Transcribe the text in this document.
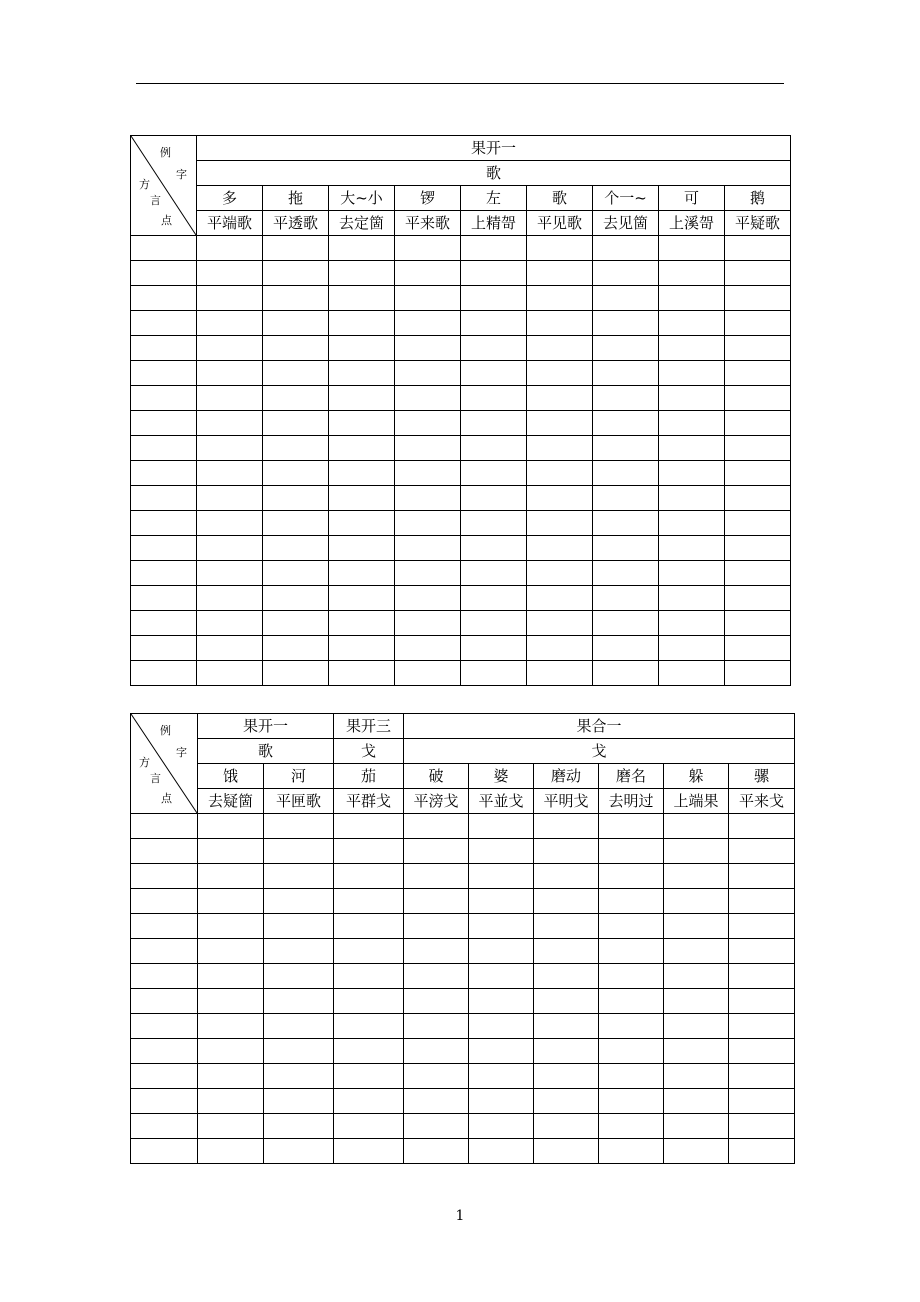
例
字
方
言
点	果开一								
	歌								
	多	拖	大~小	锣	左	歌	个一~	可	鹅
	平端歌	平透歌	去定箇	平来歌	上精哿	平见歌	去见箇	上溪哿	平疑歌

例
字
方
言
点	果开一		果开三	果合一					
	歌		戈	戈					
	饿	河	茄	破	婆	磨动	磨名	躲	骡
	去疑箇	平匣歌	平群戈	平滂戈	平並戈	平明戈	去明过	上端果	平来戈

1
